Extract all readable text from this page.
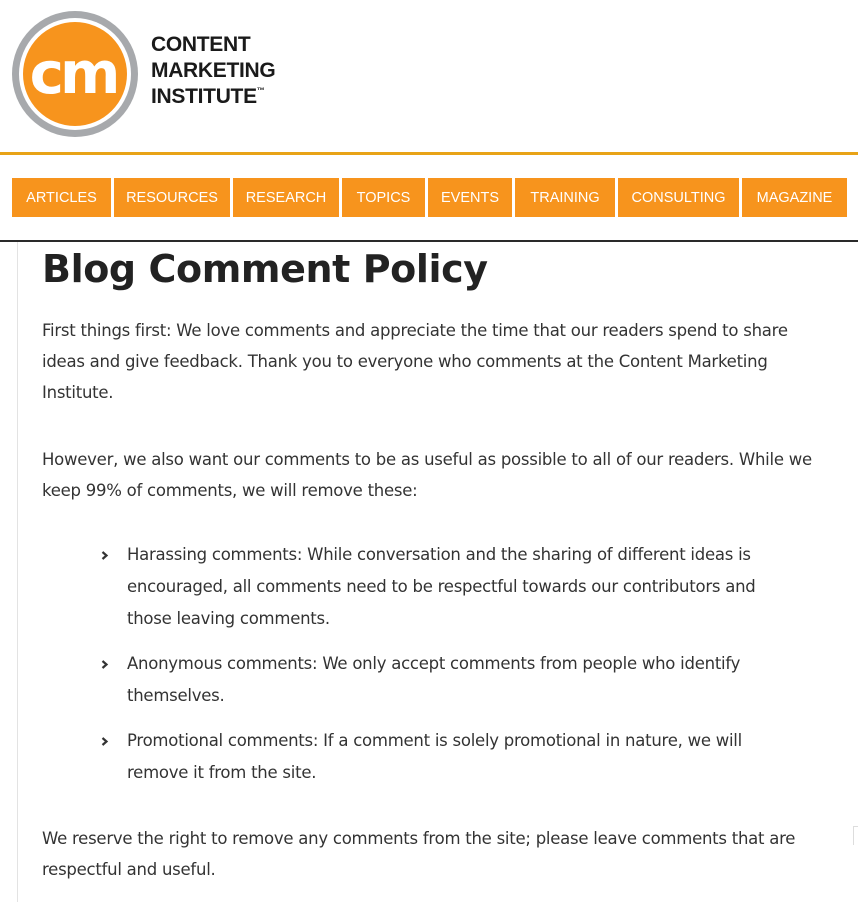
cm CONTENT
MARKETING
INSTITUTE™
ARTICLES	RESOURCES	RESEARCH	TOPICS	EVENTS	TRAINING	CONSULTING	MAGAZINE
Blog Comment Policy

First things first: We love comments and appreciate the time that our readers spend to share ideas and give feedback. Thank you to everyone who comments at the Content Marketing Institute.

However, we also want our comments to be as useful as possible to all of our readers. While we keep 99% of comments, we will remove these:

Harassing comments: While conversation and the sharing of different ideas is encouraged, all comments need to be respectful towards our contributors and those leaving comments.
Anonymous comments: We only accept comments from people who identify themselves.
Promotional comments: If a comment is solely promotional in nature, we will remove it from the site.

We reserve the right to remove any comments from the site; please leave comments that are respectful and useful.
